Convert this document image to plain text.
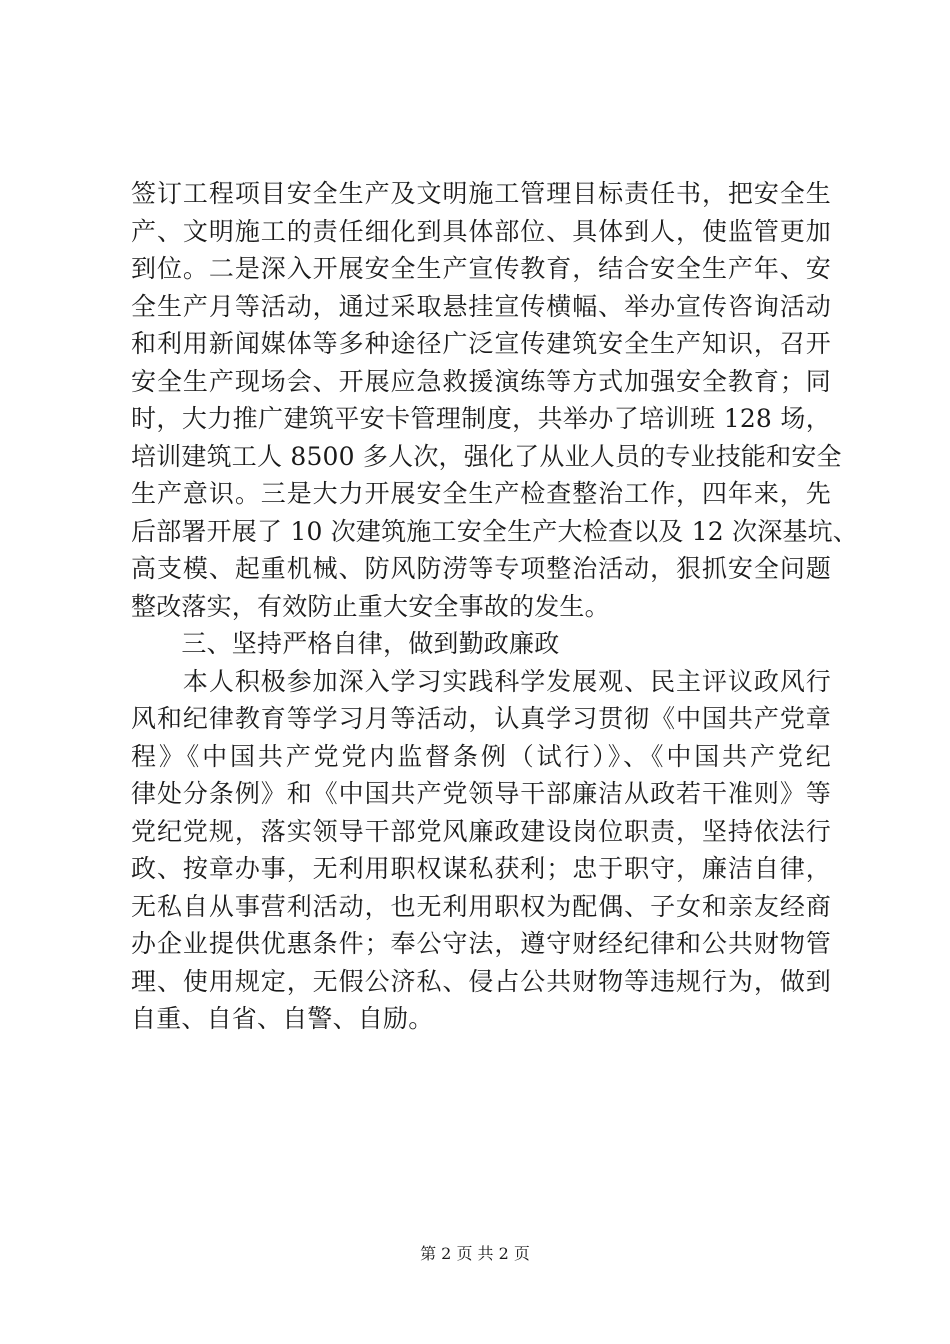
签订工程项目安全生产及文明施工管理目标责任书，把安全生
产、文明施工的责任细化到具体部位、具体到人，使监管更加
到位。二是深入开展安全生产宣传教育，结合安全生产年、安
全生产月等活动，通过采取悬挂宣传横幅、举办宣传咨询活动
和利用新闻媒体等多种途径广泛宣传建筑安全生产知识，召开
安全生产现场会、开展应急救援演练等方式加强安全教育；同
时，大力推广建筑平安卡管理制度，共举办了培训班 128 场，
培训建筑工人 8500 多人次，强化了从业人员的专业技能和安全
生产意识。三是大力开展安全生产检查整治工作，四年来，先
后部署开展了 10 次建筑施工安全生产大检查以及 12 次深基坑、
高支模、起重机械、防风防涝等专项整治活动，狠抓安全问题
整改落实，有效防止重大安全事故的发生。
　　三、坚持严格自律，做到勤政廉政
　　本人积极参加深入学习实践科学发展观、民主评议政风行
风和纪律教育等学习月等活动，认真学习贯彻《中国共产党章
程》《中国共产党党内监督条例（试行）》、《中国共产党纪
律处分条例》和《中国共产党领导干部廉洁从政若干准则》等
党纪党规，落实领导干部党风廉政建设岗位职责，坚持依法行
政、按章办事，无利用职权谋私获利；忠于职守，廉洁自律，
无私自从事营利活动，也无利用职权为配偶、子女和亲友经商
办企业提供优惠条件；奉公守法，遵守财经纪律和公共财物管
理、使用规定，无假公济私、侵占公共财物等违规行为，做到
自重、自省、自警、自励。
第 2 页 共 2 页
